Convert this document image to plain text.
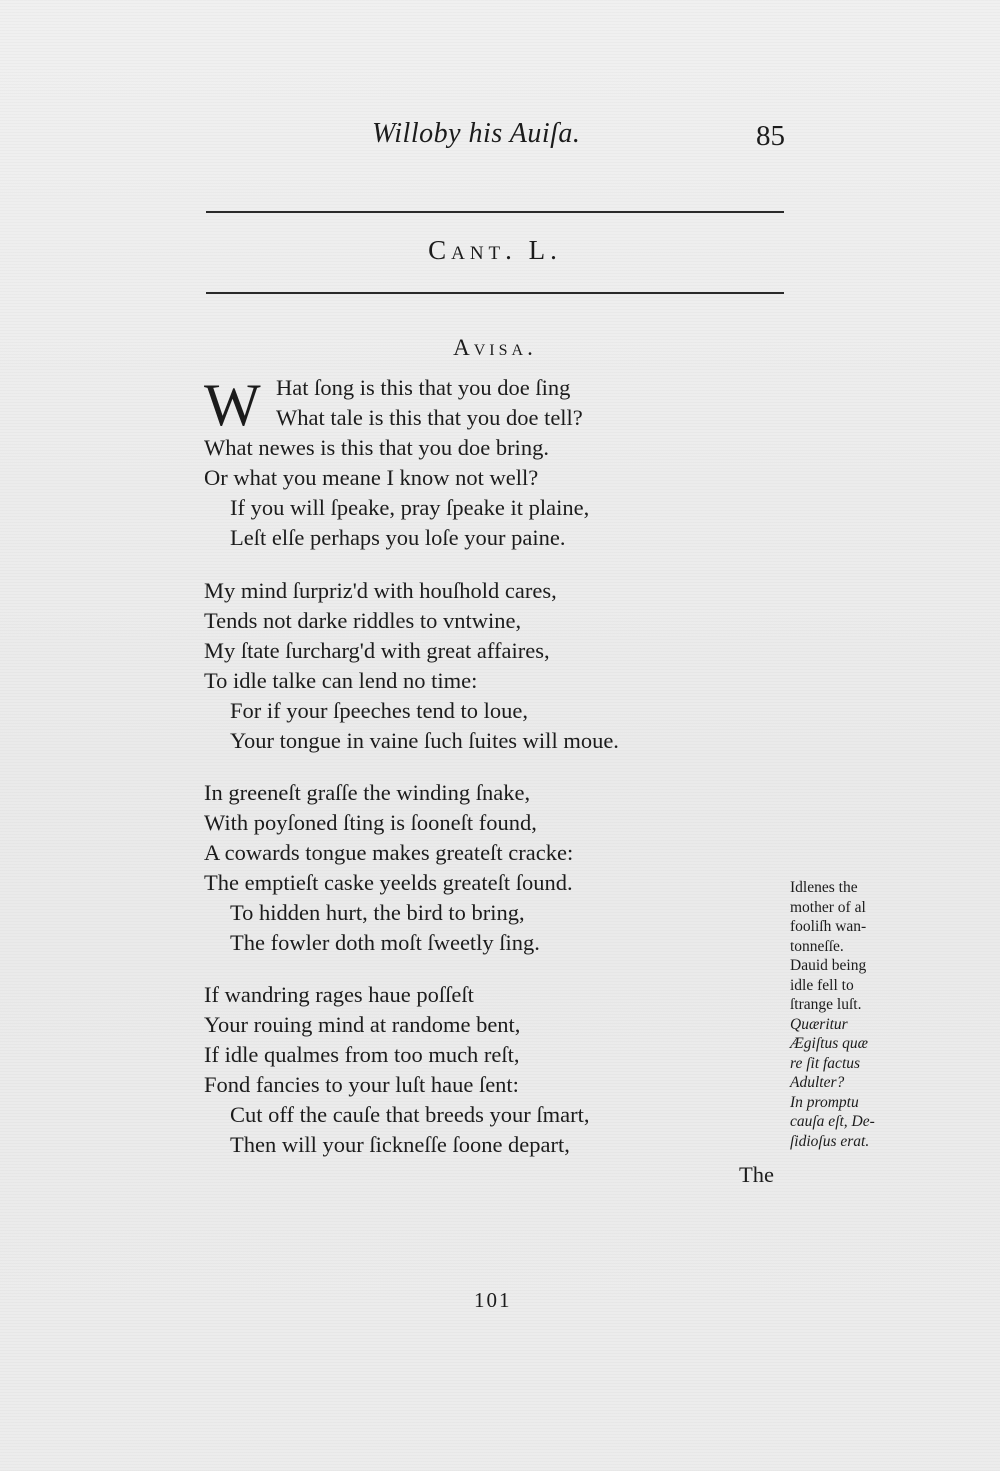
Willoby his Auiſa.	85
Cant. L.
Avisa.
W Hat ſong is this that you doe ſing
What tale is this that you doe tell?
What newes is this that you doe bring.
Or what you meane I know not well?
If you will ſpeake, pray ſpeake it plaine,
Leſt elſe perhaps you loſe your paine.
My mind ſurpriz'd with houſhold cares,
Tends not darke riddles to vntwine,
My ſtate ſurcharg'd with great affaires,
To idle talke can lend no time:
For if your ſpeeches tend to loue,
Your tongue in vaine ſuch ſuites will moue.
In greeneſt graſſe the winding ſnake,
With poyſoned ſting is ſooneſt found,
A cowards tongue makes greateſt cracke:
The emptieſt caske yeelds greateſt ſound.
To hidden hurt, the bird to bring,
The fowler doth moſt ſweetly ſing.
If wandring rages haue poſſeſt
Your rouing mind at randome bent,
If idle qualmes from too much reſt,
Fond fancies to your luſt haue ſent:
Cut off the cauſe that breeds your ſmart,
Then will your ſickneſſe ſoone depart,
The
Idlenes the
mother of al
fooliſh wan-
tonneſſe.
Dauid being
idle fell to
ſtrange luſt.
Quæritur
Ægiſtus quæ
re ſit factus
Adulter?
In promptu
cauſa eſt, De-
ſidioſus erat.
101
